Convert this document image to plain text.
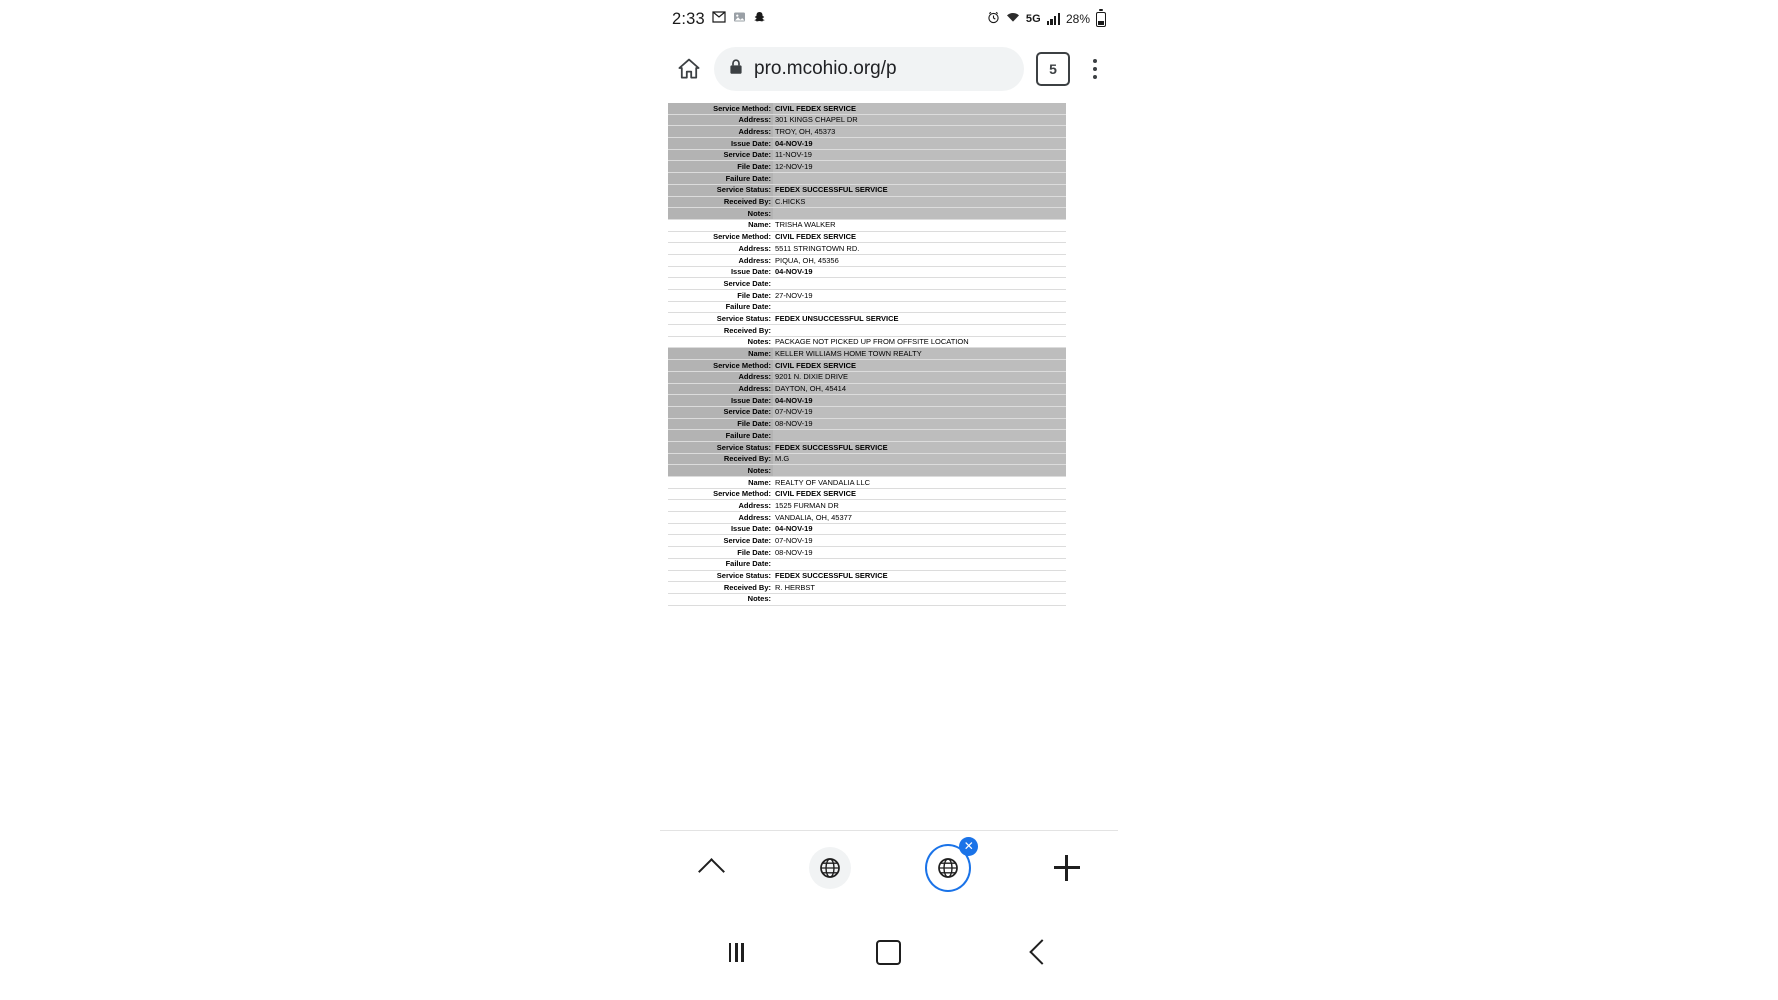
2:33	5G 28%
pro.mcohio.org/p	5
Service Method:	CIVIL FEDEX SERVICE
Address:	301 KINGS CHAPEL DR
Address:	TROY, OH, 45373
Issue Date:	04-NOV-19
Service Date:	11-NOV-19
File Date:	12-NOV-19
Failure Date:	
Service Status:	FEDEX SUCCESSFUL SERVICE
Received By:	C.HICKS
Notes:	
Name:	TRISHA WALKER
Service Method:	CIVIL FEDEX SERVICE
Address:	5511 STRINGTOWN RD.
Address:	PIQUA, OH, 45356
Issue Date:	04-NOV-19
Service Date:	
File Date:	27-NOV-19
Failure Date:	
Service Status:	FEDEX UNSUCCESSFUL SERVICE
Received By:	
Notes:	PACKAGE NOT PICKED UP FROM OFFSITE LOCATION
Name:	KELLER WILLIAMS HOME TOWN REALTY
Service Method:	CIVIL FEDEX SERVICE
Address:	9201 N. DIXIE DRIVE
Address:	DAYTON, OH, 45414
Issue Date:	04-NOV-19
Service Date:	07-NOV-19
File Date:	08-NOV-19
Failure Date:	
Service Status:	FEDEX SUCCESSFUL SERVICE
Received By:	M.G
Notes:	
Name:	REALTY OF VANDALIA LLC
Service Method:	CIVIL FEDEX SERVICE
Address:	1525 FURMAN DR
Address:	VANDALIA, OH, 45377
Issue Date:	04-NOV-19
Service Date:	07-NOV-19
File Date:	08-NOV-19
Failure Date:	
Service Status:	FEDEX SUCCESSFUL SERVICE
Received By:	R. HERBST
Notes:	
✕
